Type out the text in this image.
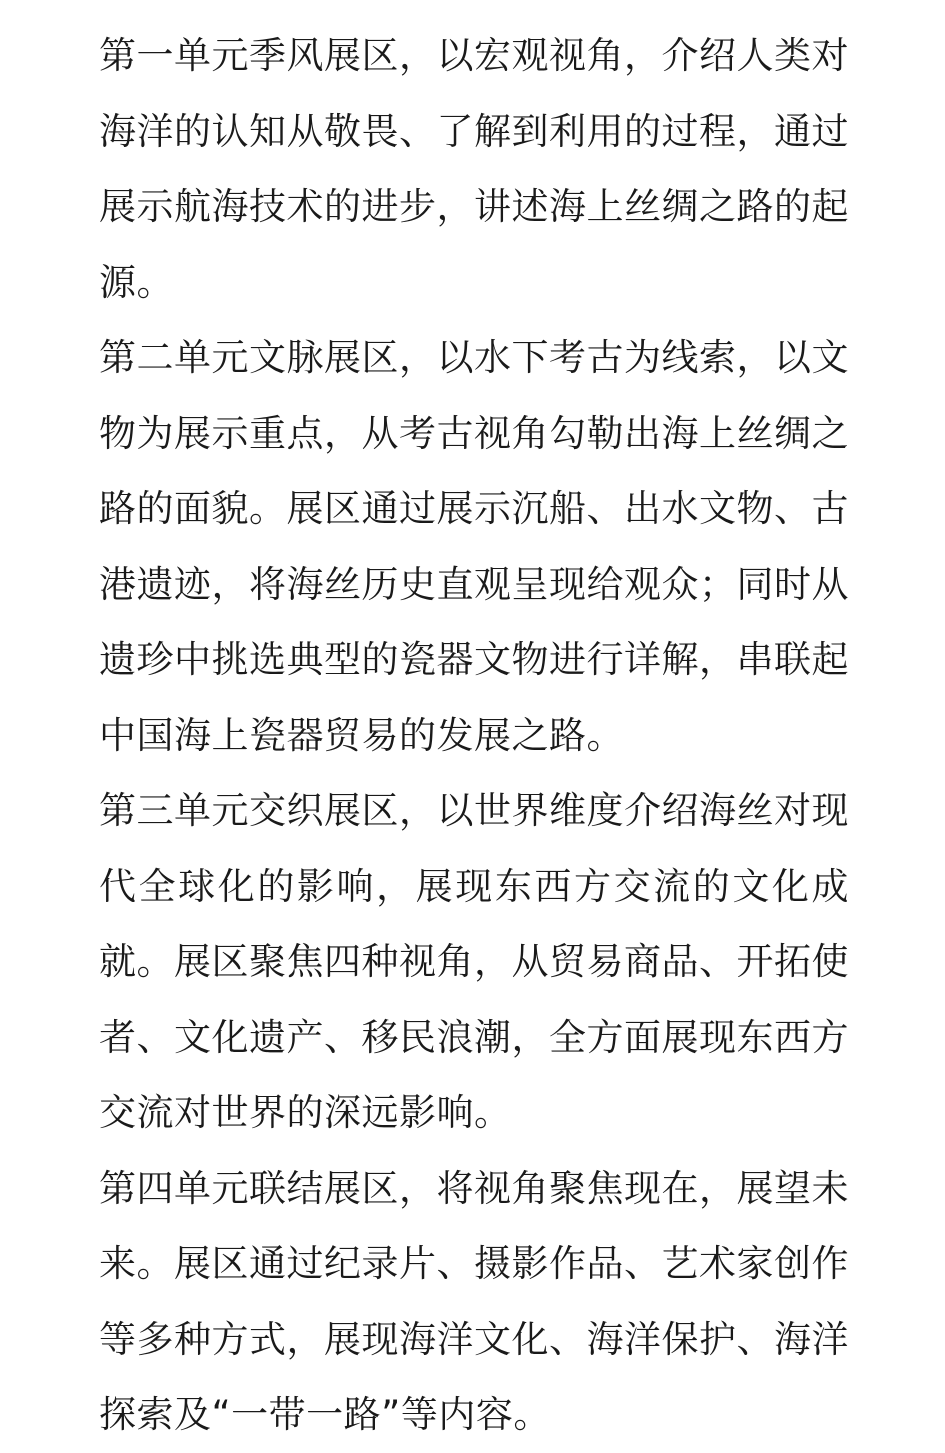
第一单元季风展区，以宏观视角，介绍人类对海洋的认知从敬畏、了解到利用的过程，通过展示航海技术的进步，讲述海上丝绸之路的起源。

第二单元文脉展区，以水下考古为线索，以文物为展示重点，从考古视角勾勒出海上丝绸之路的面貌。展区通过展示沉船、出水文物、古港遗迹，将海丝历史直观呈现给观众；同时从遗珍中挑选典型的瓷器文物进行详解，串联起中国海上瓷器贸易的发展之路。

第三单元交织展区，以世界维度介绍海丝对现代全球化的影响，展现东西方交流的文化成就。展区聚焦四种视角，从贸易商品、开拓使者、文化遗产、移民浪潮，全方面展现东西方交流对世界的深远影响。

第四单元联结展区，将视角聚焦现在，展望未来。展区通过纪录片、摄影作品、艺术家创作等多种方式，展现海洋文化、海洋保护、海洋探索及“一带一路”等内容。
